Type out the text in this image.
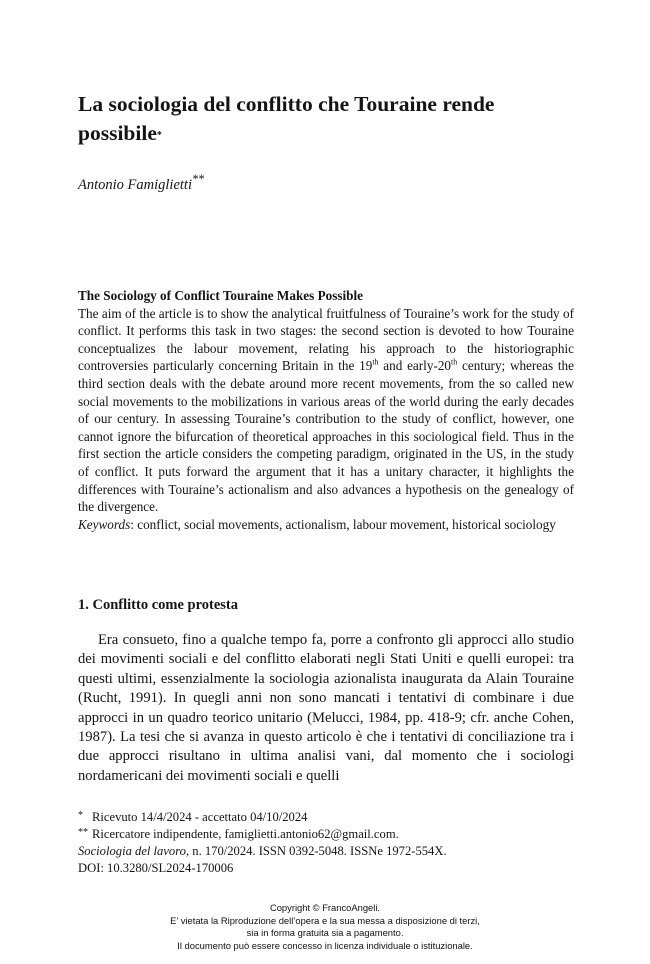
La sociologia del conflitto che Touraine rende possibile*
Antonio Famiglietti**
The Sociology of Conflict Touraine Makes Possible
The aim of the article is to show the analytical fruitfulness of Touraine’s work for the study of conflict. It performs this task in two stages: the second section is devoted to how Touraine conceptualizes the labour movement, relating his approach to the historiographic controversies particularly concerning Britain in the 19th and early-20th century; whereas the third section deals with the debate around more recent movements, from the so called new social movements to the mobilizations in various areas of the world during the early decades of our century. In assessing Touraine’s contribution to the study of conflict, however, one cannot ignore the bifurcation of theoretical approaches in this sociological field. Thus in the first section the article considers the competing paradigm, originated in the US, in the study of conflict. It puts forward the argument that it has a unitary character, it highlights the differences with Touraine’s actionalism and also advances a hypothesis on the genealogy of the divergence.
Keywords: conflict, social movements, actionalism, labour movement, historical sociology
1. Conflitto come protesta

Era consueto, fino a qualche tempo fa, porre a confronto gli approcci allo studio dei movimenti sociali e del conflitto elaborati negli Stati Uniti e quelli europei: tra questi ultimi, essenzialmente la sociologia azionalista inaugurata da Alain Touraine (Rucht, 1991). In quegli anni non sono mancati i tentativi di combinare i due approcci in un quadro teorico unitario (Melucci, 1984, pp. 418-9; cfr. anche Cohen, 1987). La tesi che si avanza in questo articolo è che i tentativi di conciliazione tra i due approcci risultano in ultima analisi vani, dal momento che i sociologi nordamericani dei movimenti sociali e quelli

* Ricevuto 14/4/2024 - accettato 04/10/2024
** Ricercatore indipendente, famiglietti.antonio62@gmail.com.
Sociologia del lavoro, n. 170/2024. ISSN 0392-5048. ISSNe 1972-554X.
DOI: 10.3280/SL2024-170006
Copyright © FrancoAngeli.
E’ vietata la Riproduzione dell’opera e la sua messa a disposizione di terzi,
sia in forma gratuita sia a pagamento.
Il documento può essere concesso in licenza individuale o istituzionale.
